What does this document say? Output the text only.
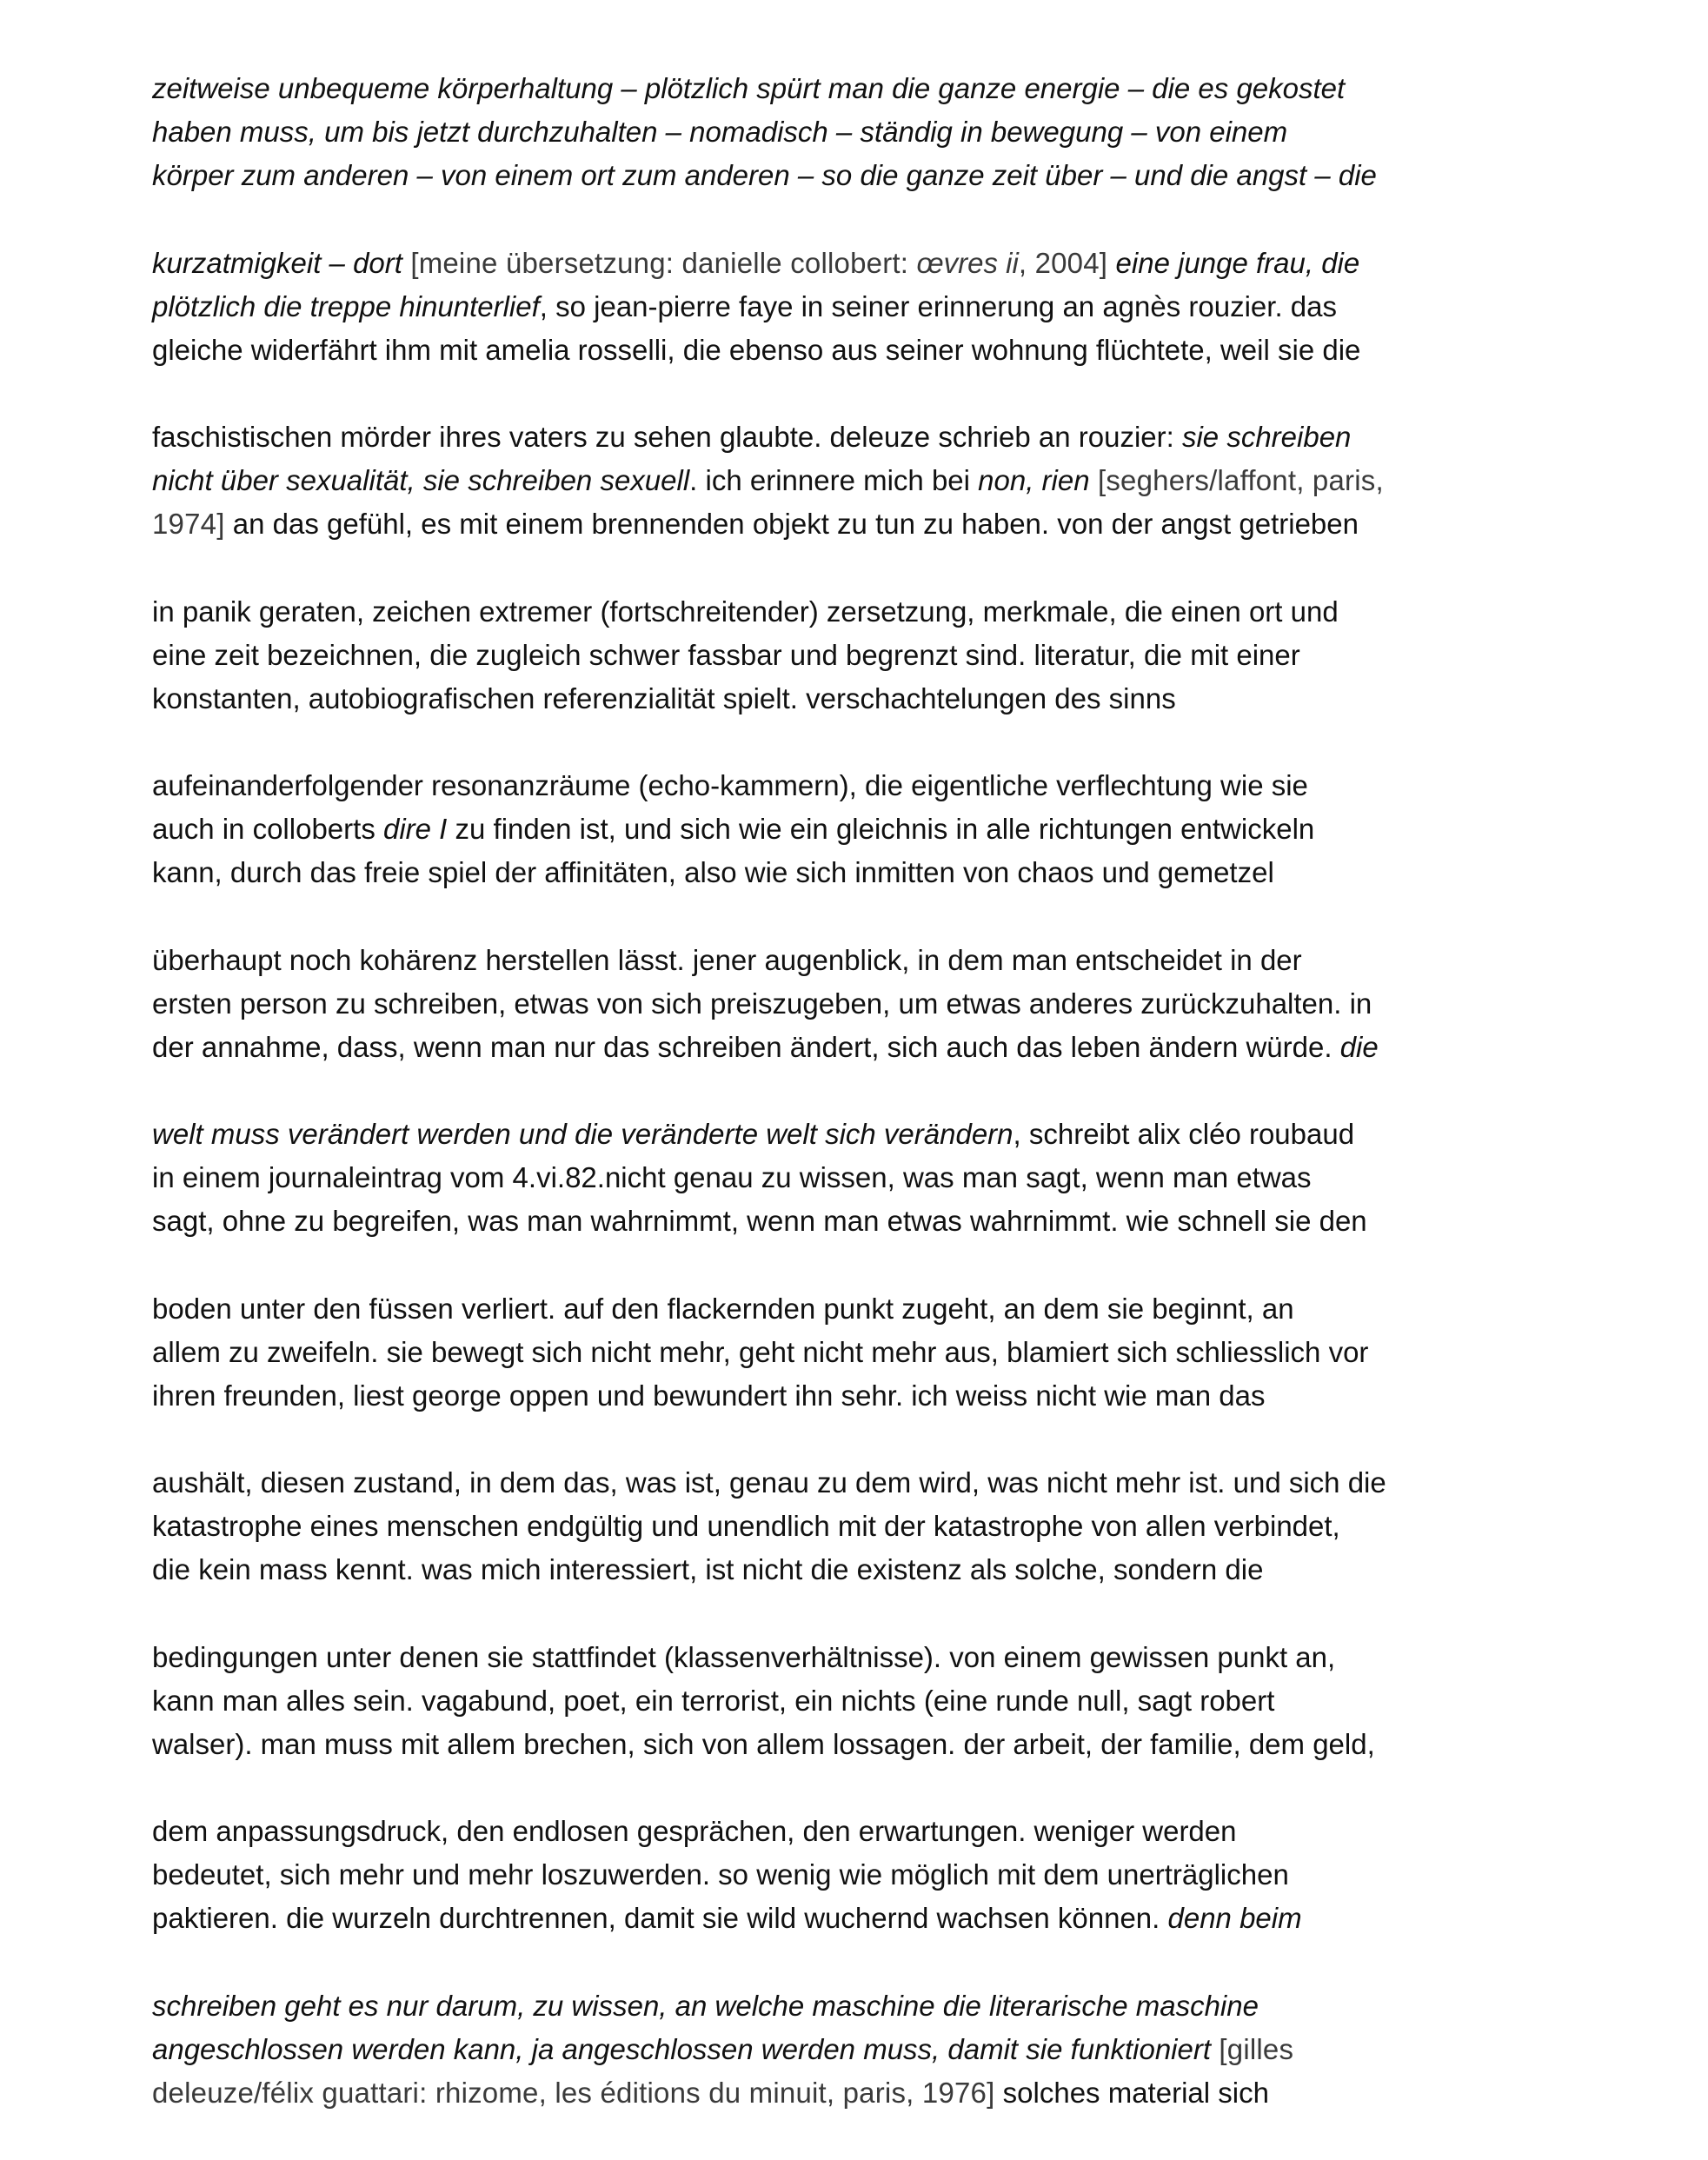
zeitweise unbequeme körperhaltung – plötzlich spürt man die ganze energie – die es gekostet
haben muss, um bis jetzt durchzuhalten – nomadisch – ständig in bewegung – von einem
körper zum anderen – von einem ort zum anderen – so die ganze zeit über – und die angst – die
kurzatmigkeit – dort [meine übersetzung: danielle collobert: œvres ii, 2004] eine junge frau, die
plötzlich die treppe hinunterlief, so jean-pierre faye in seiner erinnerung an agnès rouzier. das
gleiche widerfährt ihm mit amelia rosselli, die ebenso aus seiner wohnung flüchtete, weil sie die
faschistischen mörder ihres vaters zu sehen glaubte. deleuze schrieb an rouzier: sie schreiben
nicht über sexualität, sie schreiben sexuell. ich erinnere mich bei non, rien [seghers/laffont, paris,
1974] an das gefühl, es mit einem brennenden objekt zu tun zu haben. von der angst getrieben
in panik geraten, zeichen extremer (fortschreitender) zersetzung, merkmale, die einen ort und
eine zeit bezeichnen, die zugleich schwer fassbar und begrenzt sind. literatur, die mit einer
konstanten, autobiografischen referenzialität spielt. verschachtelungen des sinns
aufeinanderfolgender resonanzräume (echo-kammern), die eigentliche verflechtung wie sie
auch in colloberts dire I zu finden ist, und sich wie ein gleichnis in alle richtungen entwickeln
kann, durch das freie spiel der affinitäten, also wie sich inmitten von chaos und gemetzel
überhaupt noch kohärenz herstellen lässt. jener augenblick, in dem man entscheidet in der
ersten person zu schreiben, etwas von sich preiszugeben, um etwas anderes zurückzuhalten. in
der annahme, dass, wenn man nur das schreiben ändert, sich auch das leben ändern würde. die
welt muss verändert werden und die veränderte welt sich verändern, schreibt alix cléo roubaud
in einem journaleintrag vom 4.vi.82.nicht genau zu wissen, was man sagt, wenn man etwas
sagt, ohne zu begreifen, was man wahrnimmt, wenn man etwas wahrnimmt. wie schnell sie den
boden unter den füssen verliert. auf den flackernden punkt zugeht, an dem sie beginnt, an
allem zu zweifeln. sie bewegt sich nicht mehr, geht nicht mehr aus, blamiert sich schliesslich vor
ihren freunden, liest george oppen und bewundert ihn sehr. ich weiss nicht wie man das
aushält, diesen zustand, in dem das, was ist, genau zu dem wird, was nicht mehr ist. und sich die
katastrophe eines menschen endgültig und unendlich mit der katastrophe von allen verbindet,
die kein mass kennt. was mich interessiert, ist nicht die existenz als solche, sondern die
bedingungen unter denen sie stattfindet (klassenverhältnisse). von einem gewissen punkt an,
kann man alles sein. vagabund, poet, ein terrorist, ein nichts (eine runde null, sagt robert
walser). man muss mit allem brechen, sich von allem lossagen. der arbeit, der familie, dem geld,
dem anpassungsdruck, den endlosen gesprächen, den erwartungen. weniger werden
bedeutet, sich mehr und mehr loszuwerden. so wenig wie möglich mit dem unerträglichen
paktieren. die wurzeln durchtrennen, damit sie wild wuchernd wachsen können. denn beim
schreiben geht es nur darum, zu wissen, an welche maschine die literarische maschine
angeschlossen werden kann, ja angeschlossen werden muss, damit sie funktioniert [gilles
deleuze/félix guattari: rhizome, les éditions du minuit, paris, 1976] solches material sich
